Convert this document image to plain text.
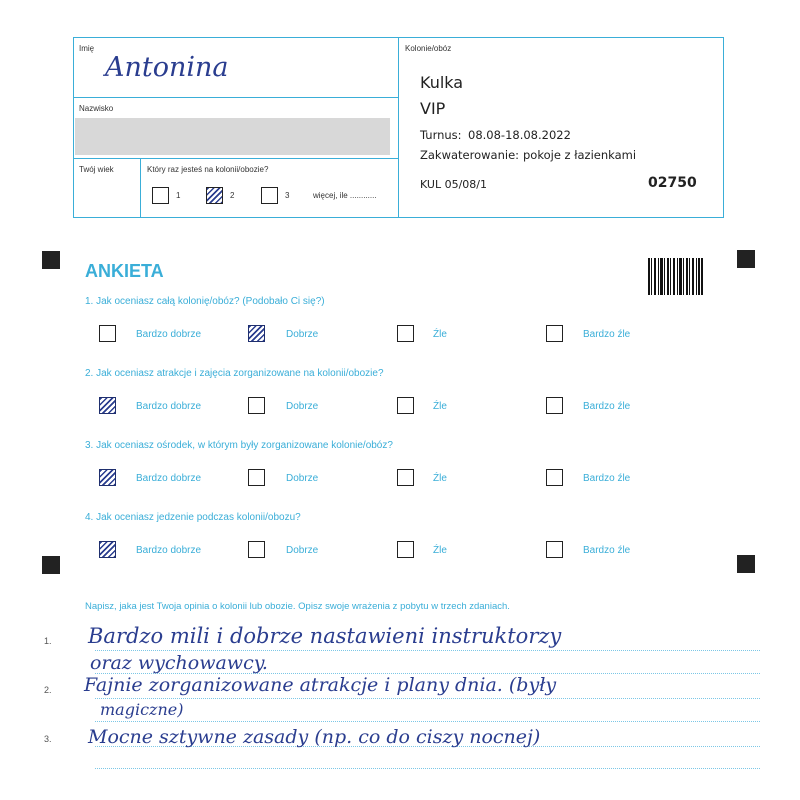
Imię
Antonina
Nazwisko
Twój wiek	Który raz jesteś na kolonii/obozie?
1	2	3	więcej, ile ............
Kolonie/obóz
Kulka
VIP
Turnus: 08.08-18.08.2022
Zakwaterowanie: pokoje z łazienkami
KUL 05/08/1	02750
ANKIETA
1. Jak oceniasz całą kolonię/obóz? (Podobało Ci się?)
Bardzo dobrze	Dobrze	Źle	Bardzo źle
2. Jak oceniasz atrakcje i zajęcia zorganizowane na kolonii/obozie?
Bardzo dobrze	Dobrze	Źle	Bardzo źle
3. Jak oceniasz ośrodek, w którym były zorganizowane kolonie/obóz?
Bardzo dobrze	Dobrze	Źle	Bardzo źle
4. Jak oceniasz jedzenie podczas kolonii/obozu?
Bardzo dobrze	Dobrze	Źle	Bardzo źle
Napisz, jaka jest Twoja opinia o kolonii lub obozie. Opisz swoje wrażenia z pobytu w trzech zdaniach.
1.
2.
3.
Bardzo mili i dobrze nastawieni instruktorzy
oraz wychowawcy.
Fajnie zorganizowane atrakcje i plany dnia. (były
magiczne)
Mocne sztywne zasady (np. co do ciszy nocnej)
